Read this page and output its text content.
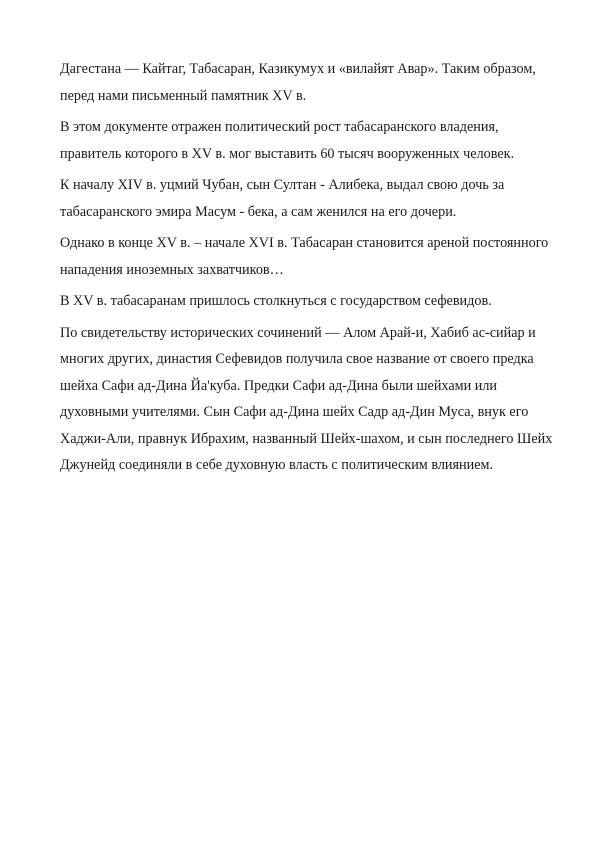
Дагестана — Кайтаг, Табасаран, Казикумух и «вилайят Авар». Таким образом,
перед нами письменный памятник XV в.

В этом документе отражен политический рост табасаранского владения,
правитель которого в XV в. мог выставить 60 тысяч вооруженных человек.

К началу XIV в. уцмий Чубан, сын Султан - Алибека, выдал свою дочь за
табасаранского эмира Масум - бека, а сам женился на его дочери.

Однако в конце XV в. – начале XVI в. Табасаран становится ареной постоянного
нападения иноземных захватчиков…

В XV в. табасаранам пришлось столкнуться с государством сефевидов.

По свидетельству исторических сочинений — Алом Арай-и, Хабиб ас-сийар и
многих других, династия Сефевидов получила свое название от своего предка
шейха Сафи ад-Дина Йа'куба. Предки Сафи ад-Дина были шейхами или
духовными учителями. Сын Сафи ад-Дина шейх Садр ад-Дин Муса, внук его
Хаджи-Али, правнук Ибрахим, названный Шейх-шахом, и сын последнего Шейх
Джунейд соединяли в себе духовную власть с политическим влиянием.
